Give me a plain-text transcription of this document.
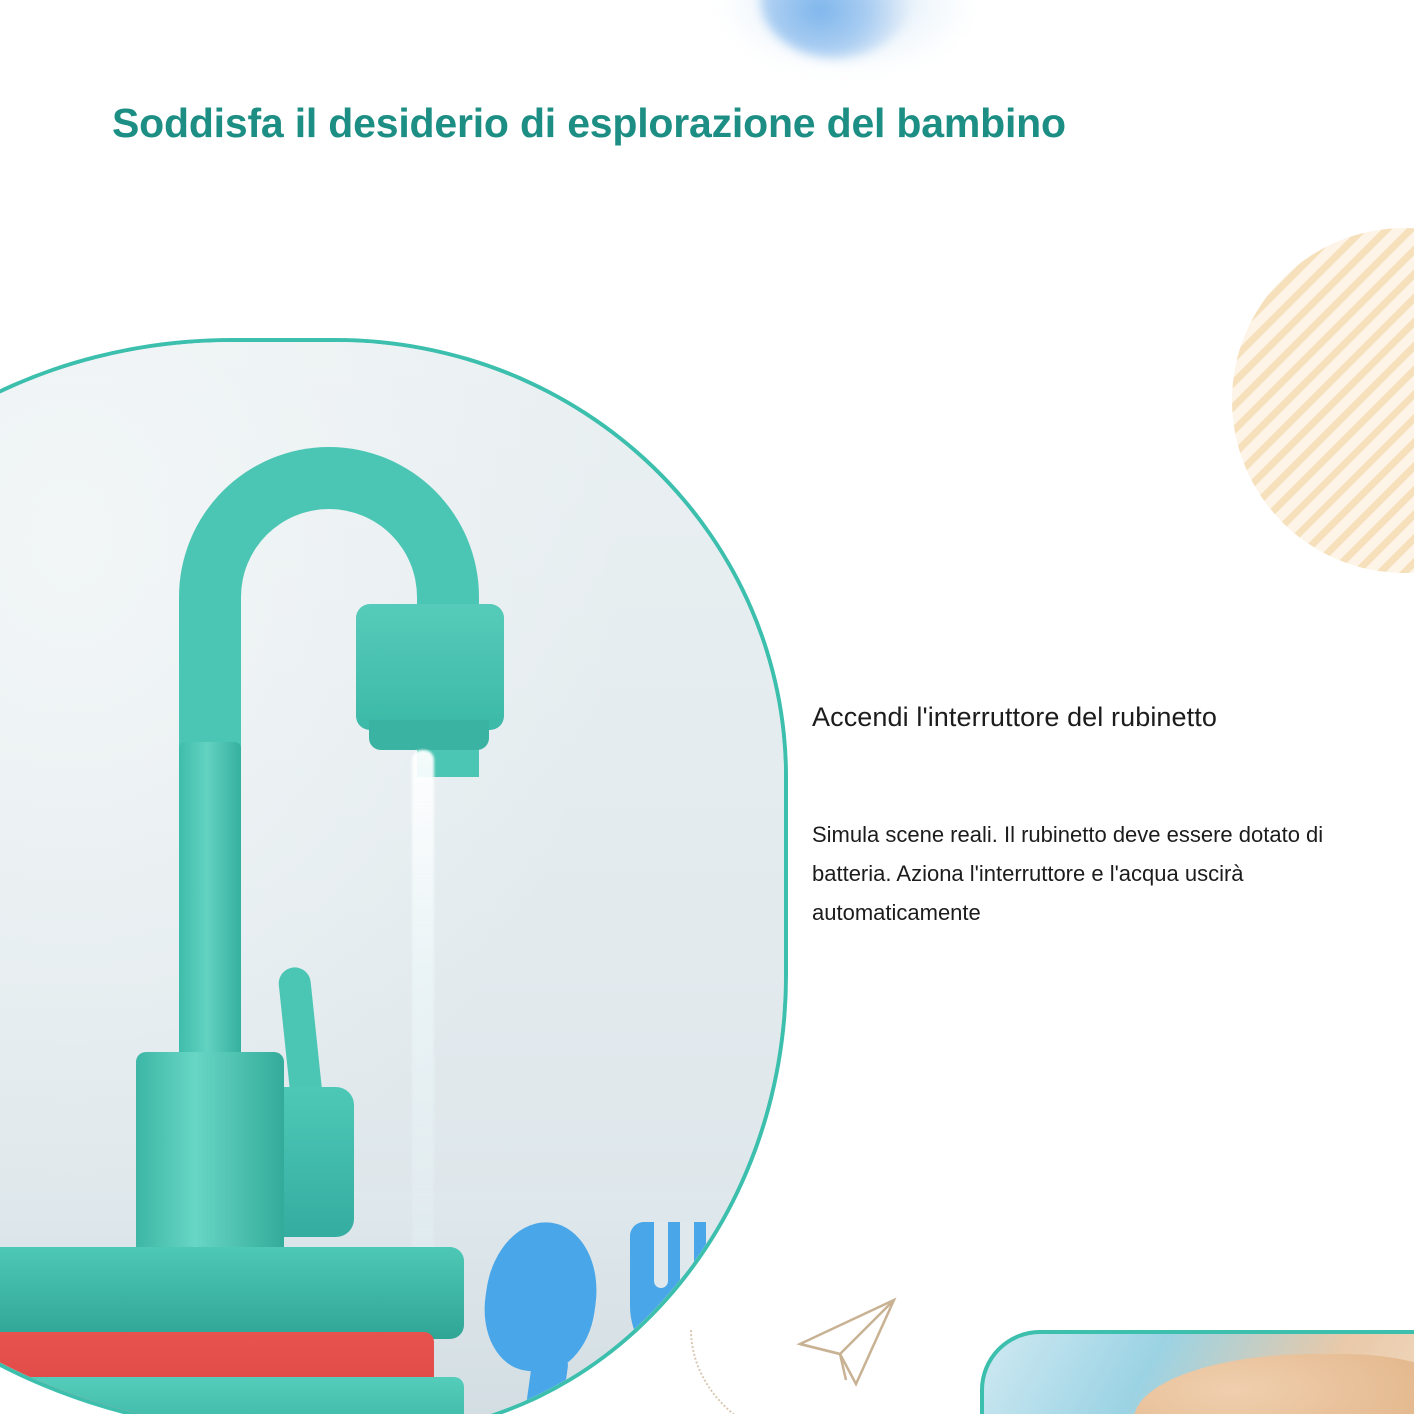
Soddisfa il desiderio di esplorazione del bambino
Accendi l'interruttore del rubinetto

Simula scene reali. Il rubinetto deve essere dotato di batteria. Aziona l'interruttore e l'acqua uscirà automaticamente
